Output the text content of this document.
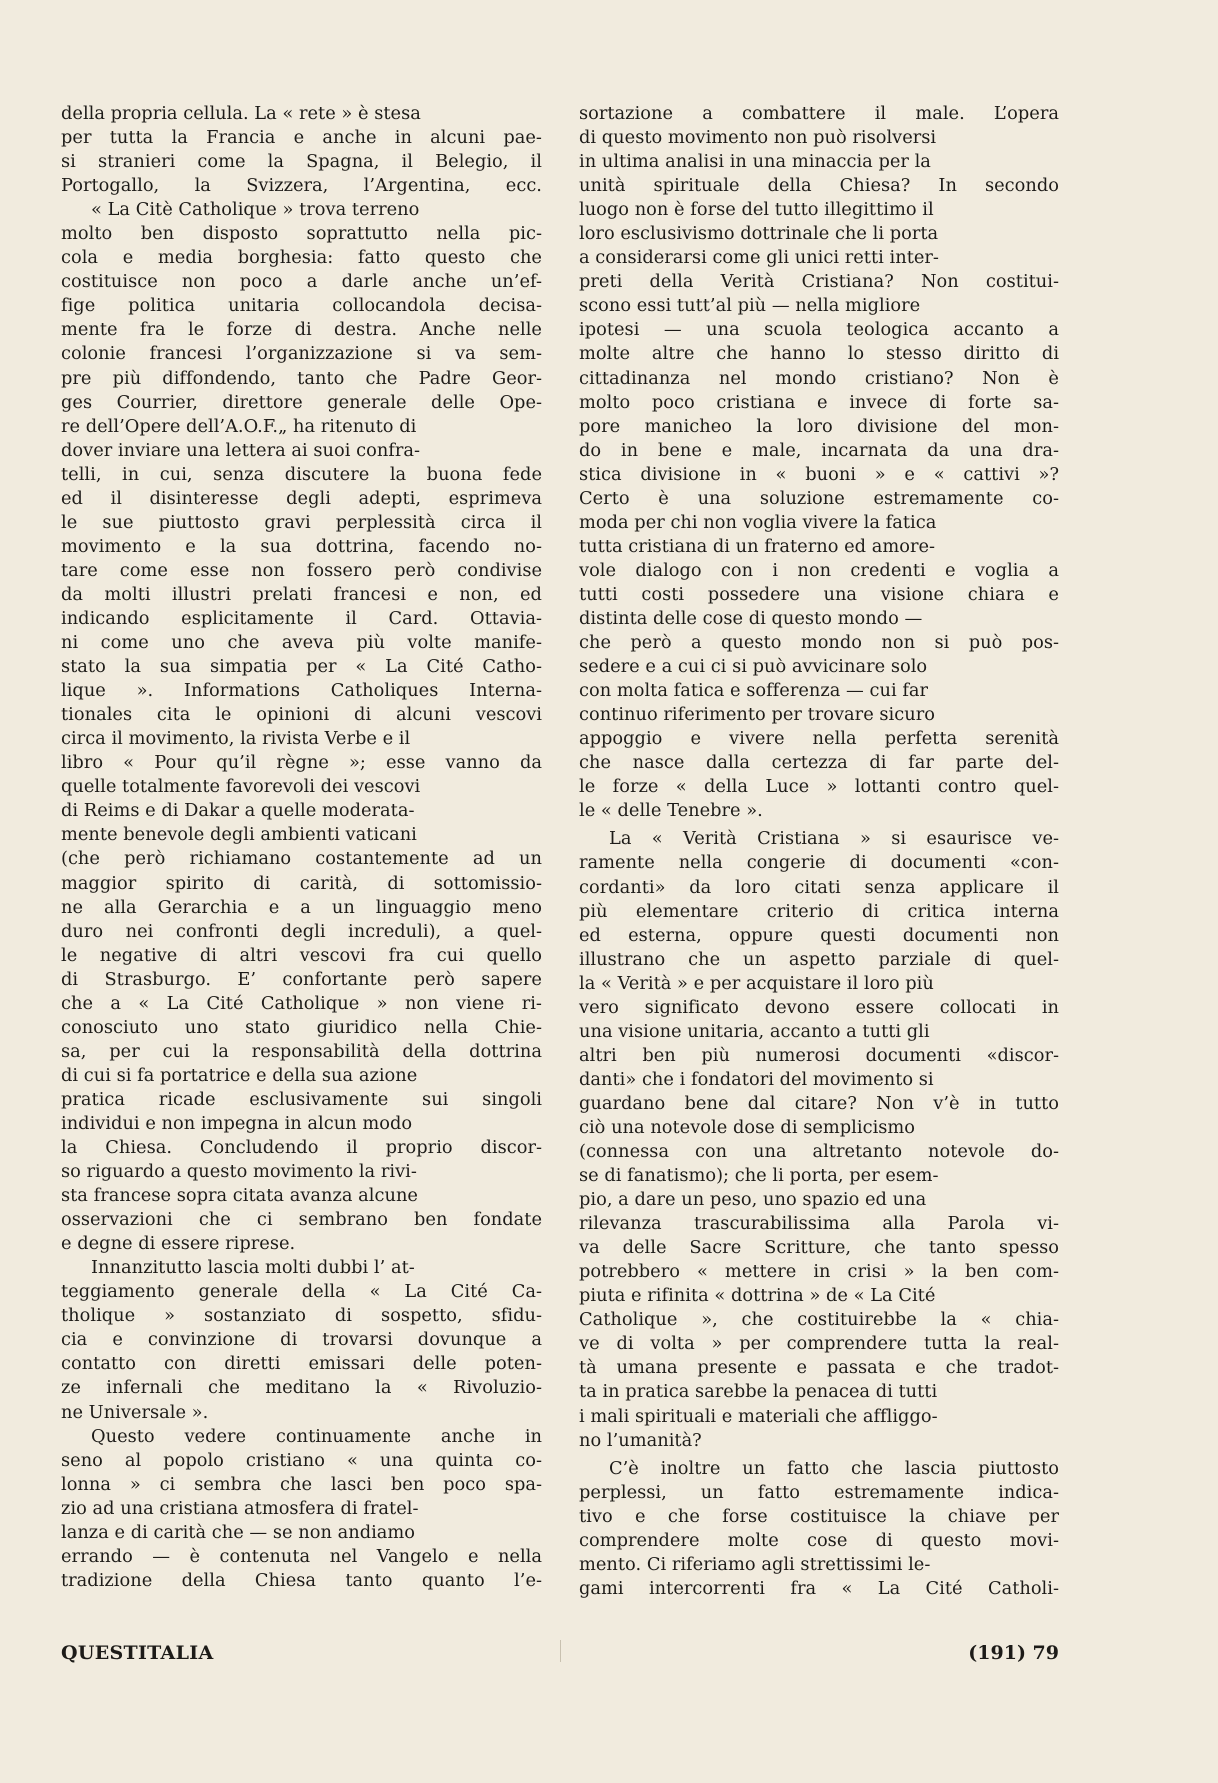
della propria cellula. La « rete » è stesa
per tutta la Francia e anche in alcuni pae-
si stranieri come la Spagna, il Belegio, il
Portogallo, la Svizzera, l’Argentina, ecc.
« La Citè Catholique » trova terreno
molto ben disposto soprattutto nella pic-
cola e media borghesia: fatto questo che
costituisce non poco a darle anche un’ef-
fige politica unitaria collocandola decisa-
mente fra le forze di destra. Anche nelle
colonie francesi l’organizzazione si va sem-
pre più diffondendo, tanto che Padre Geor-
ges Courrier, direttore generale delle Ope-
re dell’Opere dell’A.O.F.„ ha ritenuto di
dover inviare una lettera ai suoi confra-
telli, in cui, senza discutere la buona fede
ed il disinteresse degli adepti, esprimeva
le sue piuttosto gravi perplessità circa il
movimento e la sua dottrina, facendo no-
tare come esse non fossero però condivise
da molti illustri prelati francesi e non, ed
indicando esplicitamente il Card. Ottavia-
ni come uno che aveva più volte manife-
stato la sua simpatia per « La Cité Catho-
lique ». Informations Catholiques Interna-
tionales cita le opinioni di alcuni vescovi
circa il movimento, la rivista Verbe e il
libro « Pour qu’il règne »; esse vanno da
quelle totalmente favorevoli dei vescovi
di Reims e di Dakar a quelle moderata-
mente benevole degli ambienti vaticani
(che però richiamano costantemente ad un
maggior spirito di carità, di sottomissio-
ne alla Gerarchia e a un linguaggio meno
duro nei confronti degli increduli), a quel-
le negative di altri vescovi fra cui quello
di Strasburgo. E’ confortante però sapere
che a « La Cité Catholique » non viene ri-
conosciuto uno stato giuridico nella Chie-
sa, per cui la responsabilità della dottrina
di cui si fa portatrice e della sua azione
pratica ricade esclusivamente sui singoli
individui e non impegna in alcun modo
la Chiesa. Concludendo il proprio discor-
so riguardo a questo movimento la rivi-
sta francese sopra citata avanza alcune
osservazioni che ci sembrano ben fondate
e degne di essere riprese.
Innanzitutto lascia molti dubbi l’ at-
teggiamento generale della « La Cité Ca-
tholique » sostanziato di sospetto, sfidu-
cia e convinzione di trovarsi dovunque a
contatto con diretti emissari delle poten-
ze infernali che meditano la « Rivoluzio-
ne Universale ».
Questo vedere continuamente anche in
seno al popolo cristiano « una quinta co-
lonna » ci sembra che lasci ben poco spa-
zio ad una cristiana atmosfera di fratel-
lanza e di carità che — se non andiamo
errando — è contenuta nel Vangelo e nella
tradizione della Chiesa tanto quanto l’e-
sortazione a combattere il male. L’opera
di questo movimento non può risolversi
in ultima analisi in una minaccia per la
unità spirituale della Chiesa? In secondo
luogo non è forse del tutto illegittimo il
loro esclusivismo dottrinale che li porta
a considerarsi come gli unici retti inter-
preti della Verità Cristiana? Non costitui-
scono essi tutt’al più — nella migliore
ipotesi — una scuola teologica accanto a
molte altre che hanno lo stesso diritto di
cittadinanza nel mondo cristiano? Non è
molto poco cristiana e invece di forte sa-
pore manicheo la loro divisione del mon-
do in bene e male, incarnata da una dra-
stica divisione in « buoni » e « cattivi »?
Certo è una soluzione estremamente co-
moda per chi non voglia vivere la fatica
tutta cristiana di un fraterno ed amore-
vole dialogo con i non credenti e voglia a
tutti costi possedere una visione chiara e
distinta delle cose di questo mondo —
che però a questo mondo non si può pos-
sedere e a cui ci si può avvicinare solo
con molta fatica e sofferenza — cui far
continuo riferimento per trovare sicuro
appoggio e vivere nella perfetta serenità
che nasce dalla certezza di far parte del-
le forze « della Luce » lottanti contro quel-
le « delle Tenebre ».
La « Verità Cristiana » si esaurisce ve-
ramente nella congerie di documenti «con-
cordanti» da loro citati senza applicare il
più elementare criterio di critica interna
ed esterna, oppure questi documenti non
illustrano che un aspetto parziale di quel-
la « Verità » e per acquistare il loro più
vero significato devono essere collocati in
una visione unitaria, accanto a tutti gli
altri ben più numerosi documenti «discor-
danti» che i fondatori del movimento si
guardano bene dal citare? Non v’è in tutto
ciò una notevole dose di semplicismo
(connessa con una altretanto notevole do-
se di fanatismo); che li porta, per esem-
pio, a dare un peso, uno spazio ed una
rilevanza trascurabilissima alla Parola vi-
va delle Sacre Scritture, che tanto spesso
potrebbero « mettere in crisi » la ben com-
piuta e rifinita « dottrina » de « La Cité
Catholique », che costituirebbe la « chia-
ve di volta » per comprendere tutta la real-
tà umana presente e passata e che tradot-
ta in pratica sarebbe la penacea di tutti
i mali spirituali e materiali che affliggo-
no l’umanità?
C’è inoltre un fatto che lascia piuttosto
perplessi, un fatto estremamente indica-
tivo e che forse costituisce la chiave per
comprendere molte cose di questo movi-
mento. Ci riferiamo agli strettissimi le-
gami intercorrenti fra « La Cité Catholi-
QUESTITALIA	(191) 79
